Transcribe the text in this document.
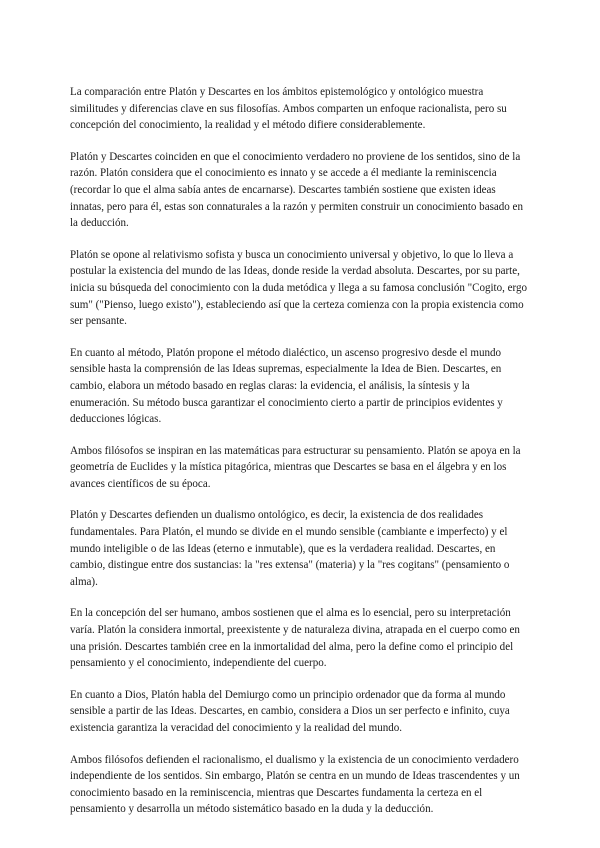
La comparación entre Platón y Descartes en los ámbitos epistemológico y ontológico muestra similitudes y diferencias clave en sus filosofías. Ambos comparten un enfoque racionalista, pero su concepción del conocimiento, la realidad y el método difiere considerablemente.

Platón y Descartes coinciden en que el conocimiento verdadero no proviene de los sentidos, sino de la razón. Platón considera que el conocimiento es innato y se accede a él mediante la reminiscencia (recordar lo que el alma sabía antes de encarnarse). Descartes también sostiene que existen ideas innatas, pero para él, estas son connaturales a la razón y permiten construir un conocimiento basado en la deducción.

Platón se opone al relativismo sofista y busca un conocimiento universal y objetivo, lo que lo lleva a postular la existencia del mundo de las Ideas, donde reside la verdad absoluta. Descartes, por su parte, inicia su búsqueda del conocimiento con la duda metódica y llega a su famosa conclusión "Cogito, ergo sum" ("Pienso, luego existo"), estableciendo así que la certeza comienza con la propia existencia como ser pensante.

En cuanto al método, Platón propone el método dialéctico, un ascenso progresivo desde el mundo sensible hasta la comprensión de las Ideas supremas, especialmente la Idea de Bien. Descartes, en cambio, elabora un método basado en reglas claras: la evidencia, el análisis, la síntesis y la enumeración. Su método busca garantizar el conocimiento cierto a partir de principios evidentes y deducciones lógicas.

Ambos filósofos se inspiran en las matemáticas para estructurar su pensamiento. Platón se apoya en la geometría de Euclides y la mística pitagórica, mientras que Descartes se basa en el álgebra y en los avances científicos de su época.

Platón y Descartes defienden un dualismo ontológico, es decir, la existencia de dos realidades fundamentales. Para Platón, el mundo se divide en el mundo sensible (cambiante e imperfecto) y el mundo inteligible o de las Ideas (eterno e inmutable), que es la verdadera realidad. Descartes, en cambio, distingue entre dos sustancias: la "res extensa" (materia) y la "res cogitans" (pensamiento o alma).

En la concepción del ser humano, ambos sostienen que el alma es lo esencial, pero su interpretación varía. Platón la considera inmortal, preexistente y de naturaleza divina, atrapada en el cuerpo como en una prisión. Descartes también cree en la inmortalidad del alma, pero la define como el principio del pensamiento y el conocimiento, independiente del cuerpo.

En cuanto a Dios, Platón habla del Demiurgo como un principio ordenador que da forma al mundo sensible a partir de las Ideas. Descartes, en cambio, considera a Dios un ser perfecto e infinito, cuya existencia garantiza la veracidad del conocimiento y la realidad del mundo.

Ambos filósofos defienden el racionalismo, el dualismo y la existencia de un conocimiento verdadero independiente de los sentidos. Sin embargo, Platón se centra en un mundo de Ideas trascendentes y un conocimiento basado en la reminiscencia, mientras que Descartes fundamenta la certeza en el pensamiento y desarrolla un método sistemático basado en la duda y la deducción.
